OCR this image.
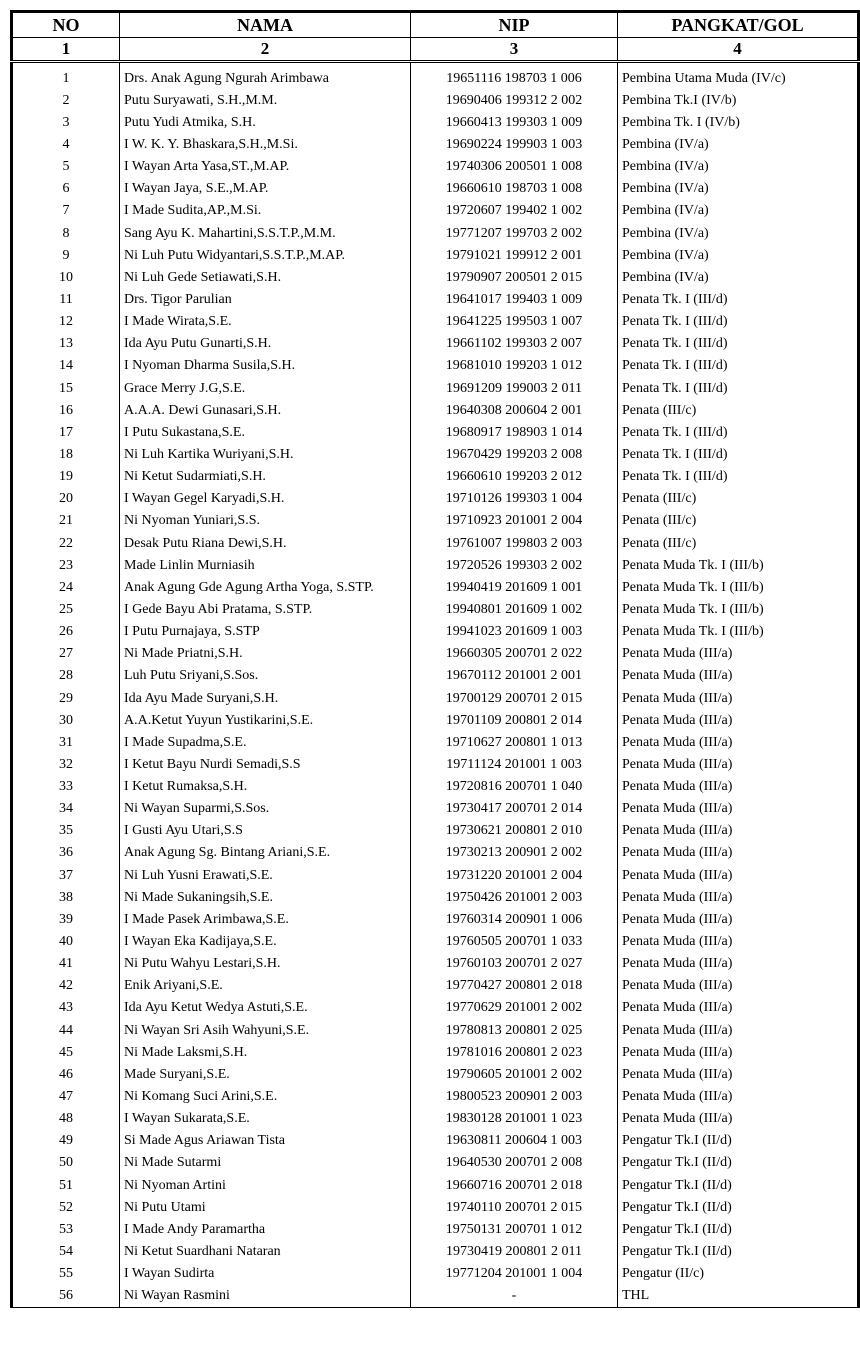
NO	NAMA	NIP	PANGKAT/GOL
1	2	3	4

1	Drs. Anak Agung Ngurah Arimbawa	19651116 198703 1 006	Pembina Utama Muda (IV/c)
2	Putu Suryawati, S.H.,M.M.	19690406 199312 2 002	Pembina Tk.I (IV/b)
3	Putu Yudi Atmika, S.H.	19660413 199303 1 009	Pembina Tk. I (IV/b)
4	I W. K. Y. Bhaskara,S.H.,M.Si.	19690224 199903 1 003	Pembina (IV/a)
5	I Wayan Arta Yasa,ST.,M.AP.	19740306 200501 1 008	Pembina (IV/a)
6	I Wayan Jaya, S.E.,M.AP.	19660610 198703 1 008	Pembina (IV/a)
7	I Made Sudita,AP.,M.Si.	19720607 199402 1 002	Pembina (IV/a)
8	Sang Ayu K. Mahartini,S.S.T.P.,M.M.	19771207 199703 2 002	Pembina (IV/a)
9	Ni Luh Putu Widyantari,S.S.T.P.,M.AP.	19791021 199912 2 001	Pembina (IV/a)
10	Ni Luh Gede Setiawati,S.H.	19790907 200501 2 015	Pembina (IV/a)
11	Drs. Tigor Parulian	19641017 199403 1 009	Penata Tk. I (III/d)
12	I Made Wirata,S.E.	19641225 199503 1 007	Penata Tk. I (III/d)
13	Ida Ayu Putu Gunarti,S.H.	19661102 199303 2 007	Penata Tk. I (III/d)
14	I Nyoman Dharma Susila,S.H.	19681010 199203 1 012	Penata Tk. I (III/d)
15	Grace Merry J.G,S.E.	19691209 199003 2 011	Penata Tk. I (III/d)
16	A.A.A. Dewi Gunasari,S.H.	19640308 200604 2 001	Penata (III/c)
17	I Putu Sukastana,S.E.	19680917 198903 1 014	Penata Tk. I (III/d)
18	Ni Luh Kartika Wuriyani,S.H.	19670429 199203 2 008	Penata Tk. I (III/d)
19	Ni Ketut Sudarmiati,S.H.	19660610 199203 2 012	Penata Tk. I (III/d)
20	I Wayan Gegel Karyadi,S.H.	19710126 199303 1 004	Penata (III/c)
21	Ni Nyoman Yuniari,S.S.	19710923 201001 2 004	Penata (III/c)
22	Desak Putu Riana Dewi,S.H.	19761007 199803 2 003	Penata (III/c)
23	Made Linlin Murniasih	19720526 199303 2 002	Penata Muda Tk. I (III/b)
24	Anak Agung Gde Agung Artha Yoga, S.STP.	19940419 201609 1 001	Penata Muda Tk. I (III/b)
25	I Gede Bayu Abi Pratama, S.STP.	19940801 201609 1 002	Penata Muda Tk. I (III/b)
26	I Putu Purnajaya, S.STP	19941023 201609 1 003	Penata Muda Tk. I (III/b)
27	Ni Made Priatni,S.H.	19660305 200701 2 022	Penata Muda (III/a)
28	Luh Putu Sriyani,S.Sos.	19670112 201001 2 001	Penata Muda (III/a)
29	Ida Ayu Made Suryani,S.H.	19700129 200701 2 015	Penata Muda (III/a)
30	A.A.Ketut Yuyun Yustikarini,S.E.	19701109 200801 2 014	Penata Muda (III/a)
31	I Made Supadma,S.E.	19710627 200801 1 013	Penata Muda (III/a)
32	I Ketut Bayu Nurdi Semadi,S.S	19711124 201001 1 003	Penata Muda (III/a)
33	I Ketut Rumaksa,S.H.	19720816 200701 1 040	Penata Muda (III/a)
34	Ni Wayan Suparmi,S.Sos.	19730417 200701 2 014	Penata Muda (III/a)
35	I Gusti Ayu Utari,S.S	19730621 200801 2 010	Penata Muda (III/a)
36	Anak Agung Sg. Bintang Ariani,S.E.	19730213 200901 2 002	Penata Muda (III/a)
37	Ni Luh Yusni Erawati,S.E.	19731220 201001 2 004	Penata Muda (III/a)
38	Ni Made Sukaningsih,S.E.	19750426 201001 2 003	Penata Muda (III/a)
39	I Made Pasek Arimbawa,S.E.	19760314 200901 1 006	Penata Muda (III/a)
40	I Wayan Eka Kadijaya,S.E.	19760505 200701 1 033	Penata Muda (III/a)
41	Ni Putu Wahyu Lestari,S.H.	19760103 200701 2 027	Penata Muda (III/a)
42	Enik Ariyani,S.E.	19770427 200801 2 018	Penata Muda (III/a)
43	Ida Ayu Ketut Wedya Astuti,S.E.	19770629 201001 2 002	Penata Muda (III/a)
44	Ni Wayan Sri Asih Wahyuni,S.E.	19780813 200801 2 025	Penata Muda (III/a)
45	Ni Made Laksmi,S.H.	19781016 200801 2 023	Penata Muda (III/a)
46	Made Suryani,S.E.	19790605 201001 2 002	Penata Muda (III/a)
47	Ni Komang Suci Arini,S.E.	19800523 200901 2 003	Penata Muda (III/a)
48	I Wayan Sukarata,S.E.	19830128 201001 1 023	Penata Muda (III/a)
49	Si Made Agus Ariawan Tista	19630811 200604 1 003	Pengatur Tk.I (II/d)
50	Ni Made Sutarmi	19640530 200701 2 008	Pengatur Tk.I (II/d)
51	Ni Nyoman Artini	19660716 200701 2 018	Pengatur Tk.I (II/d)
52	Ni Putu Utami	19740110 200701 2 015	Pengatur Tk.I (II/d)
53	I Made Andy Paramartha	19750131 200701 1 012	Pengatur Tk.I (II/d)
54	Ni Ketut Suardhani Nataran	19730419 200801 2 011	Pengatur Tk.I (II/d)
55	I Wayan Sudirta	19771204 201001 1 004	Pengatur (II/c)
56	Ni Wayan Rasmini	-	THL
